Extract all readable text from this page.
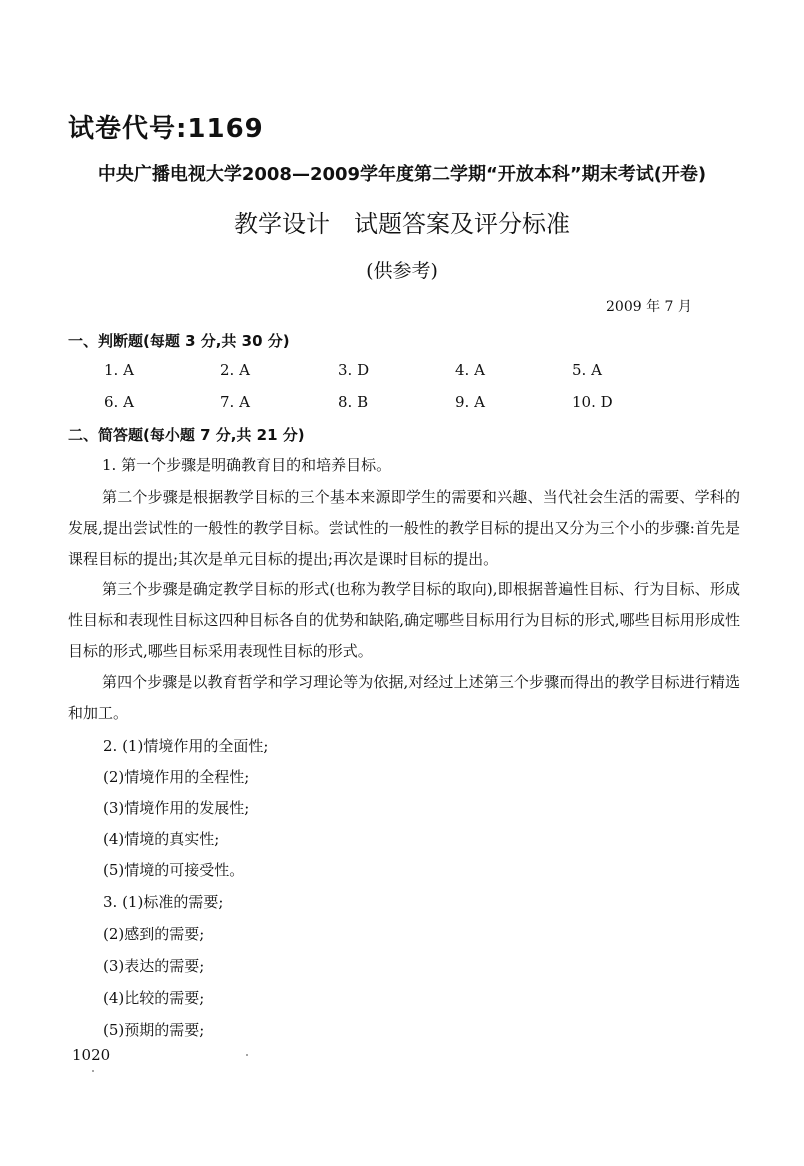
试卷代号:1169
中央广播电视大学2008—2009学年度第二学期“开放本科”期末考试(开卷)
教学设计　试题答案及评分标准
(供参考)
2009 年 7 月
一、判断题(每题 3 分,共 30 分)
1. A	2. A	3. D	4. A	5. A
6. A	7. A	8. B	9. A	10. D
二、简答题(每小题 7 分,共 21 分)

1. 第一个步骤是明确教育目的和培养目标。

第二个步骤是根据教学目标的三个基本来源即学生的需要和兴趣、当代社会生活的需要、学科的发展,提出尝试性的一般性的教学目标。尝试性的一般性的教学目标的提出又分为三个小的步骤:首先是课程目标的提出;其次是单元目标的提出;再次是课时目标的提出。

第三个步骤是确定教学目标的形式(也称为教学目标的取向),即根据普遍性目标、行为目标、形成性目标和表现性目标这四种目标各自的优势和缺陷,确定哪些目标用行为目标的形式,哪些目标用形成性目标的形式,哪些目标采用表现性目标的形式。

第四个步骤是以教育哲学和学习理论等为依据,对经过上述第三个步骤而得出的教学目标进行精选和加工。

2. (1)情境作用的全面性;
(2)情境作用的全程性;
(3)情境作用的发展性;
(4)情境的真实性;
(5)情境的可接受性。
3. (1)标准的需要;
(2)感到的需要;
(3)表达的需要;
(4)比较的需要;
(5)预期的需要;
1020
